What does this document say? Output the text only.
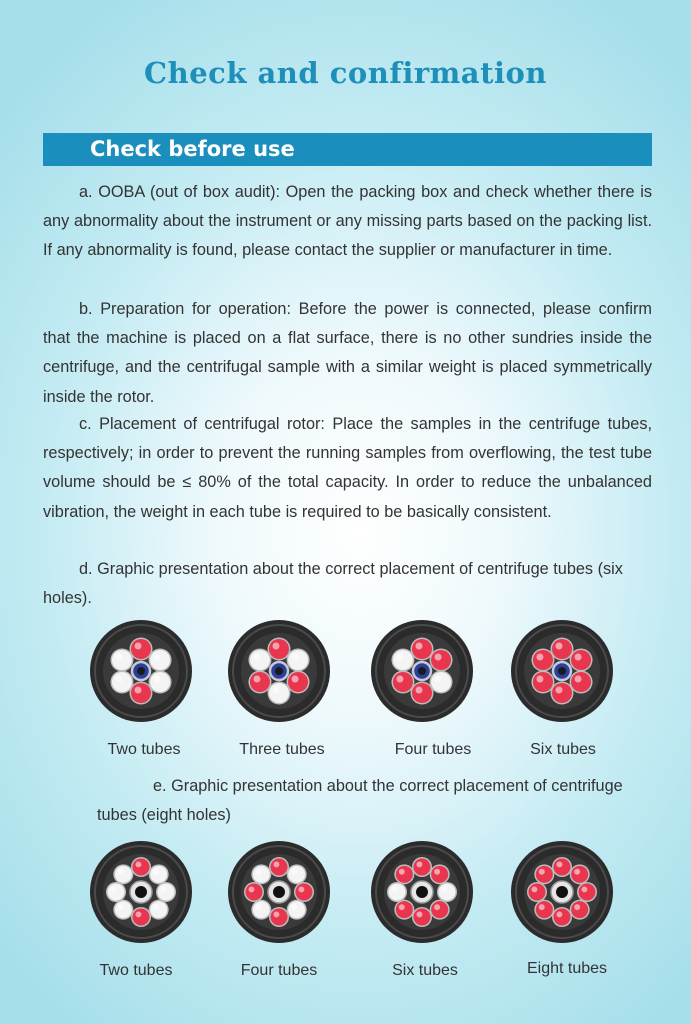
Check and confirmation
Check before use

a. OOBA (out of box audit): Open the packing box and check whether there is any abnormality about the instrument or any missing parts based on the packing list. If any abnormality is found, please contact the supplier or manufacturer in time.

b. Preparation for operation: Before the power is connected, please confirm that the machine is placed on a flat surface, there is no other sundries inside the centrifuge, and the centrifugal sample with a similar weight is placed symmetrically inside the rotor.

c. Placement of centrifugal rotor: Place the samples in the centrifuge tubes, respectively; in order to prevent the running samples from overflowing, the test tube volume should be ≤ 80% of the total capacity. In order to reduce the unbalanced vibration, the weight in each tube is required to be basically consistent.

d. Graphic presentation about the correct placement of centrifuge tubes (six holes).

Two tubes	Three tubes	Four tubes	Six tubes

e. Graphic presentation about the correct placement of centrifuge tubes (eight holes)

Two tubes	Four tubes	Six tubes	Eight tubes
